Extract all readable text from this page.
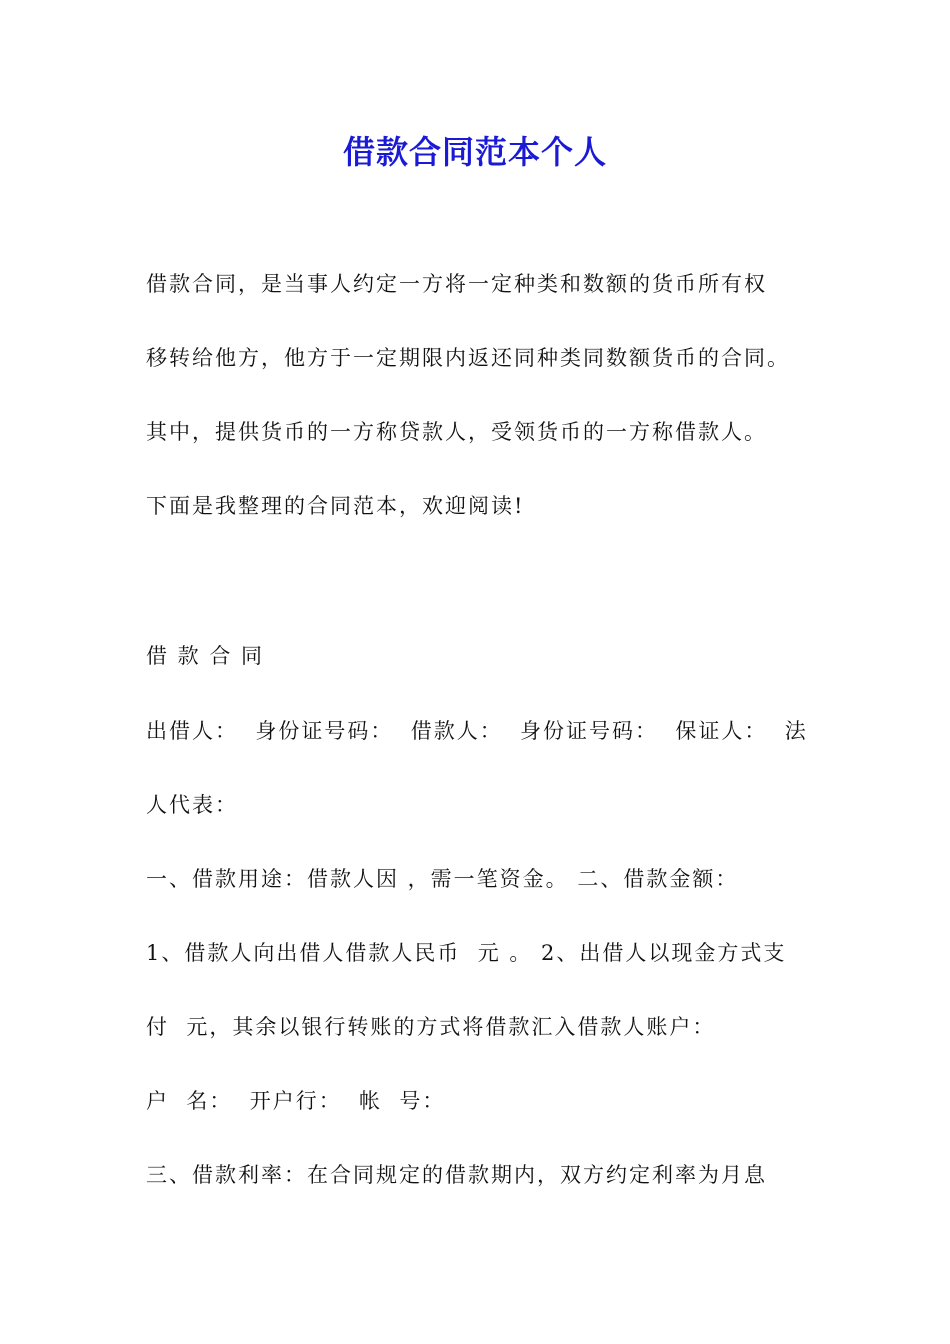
借款合同范本个人

借款合同，是当事人约定一方将一定种类和数额的货币所有权

移转给他方，他方于一定期限内返还同种类同数额货币的合同。

其中，提供货币的一方称贷款人，受领货币的一方称借款人。

下面是我整理的合同范本，欢迎阅读!

借 款 合 同

出借人：  身份证号码：  借款人：  身份证号码：  保证人：  法

人代表：

一、借款用途：借款人因 ，需一笔资金。 二、借款金额：

1、借款人向出借人借款人民币  元 。 2、出借人以现金方式支

付  元，其余以银行转账的方式将借款汇入借款人账户：

户  名：  开户行：  帐  号：

三、借款利率：在合同规定的借款期内，双方约定利率为月息
